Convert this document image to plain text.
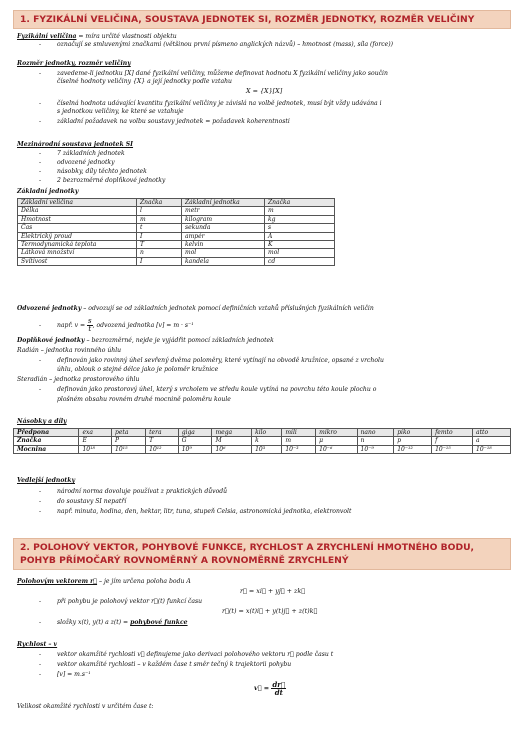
1. FYZIKÁLNÍ VELIČINA, SOUSTAVA JEDNOTEK SI, ROZMĚR JEDNOTKY, ROZMĚR VELIČINY
Fyzikální veličina = míra určité vlastnosti objektu
-	označují se smluvenými značkami (většinou první písmeno anglických názvů) – hmotnost (mass), síla (force))
Rozměr jednotky, rozměr veličiny
-	zavedeme-li jednotku [X] dané fyzikální veličiny, můžeme definovat hodnotu X fyzikální veličiny jako součin
číselné hodnoty veličiny {X} a její jednotky podle vztahu
X = {X}[X]
-	číselná hodnota udávající kvantitu fyzikální veličiny je závislá na volbě jednotek, musí být vždy udávána i
s jednotkou veličiny, ke které se vztahuje
-	základní požadavek na volbu soustavy jednotek = požadavek koherentnosti
Mezinárodní soustava jednotek SI
-	7 základních jednotek
-	odvozené jednotky
-	násobky, díly těchto jednotek
-	2 bezrozměrné doplňkové jednotky
Základní jednotky
Základní veličina	Značka	Základní jednotka	Značka
Délka	l	metr	m
Hmotnost	m	kilogram	kg
Čas	t	sekunda	s
Elektrický proud	I	ampér	A
Termodynamická teplota	T	kelvin	K
Látková množství	n	mol	mol
Svítivost	I	kandela	cd
Odvozené jednotky – odvozují se od základních jednotek pomocí definičních vztahů příslušných fyzikálních veličin
-	např. $v = \frac{s}{t}$ , odvozená jednotka [v] = m · s⁻¹
Doplňkové jednotky – bezrozměrné, nejde je vyjádřit pomocí základních jednotek
Radián – jednotka rovinného úhlu
-	definován jako rovinný úhel sevřený dvěma poloměry, které vytínají na obvodě kružnice, opsané z vrcholu
úhlu, oblouk o stejné délce jako je poloměr kružnice
Steradián – jednotka prostorového úhlu
-	definován jako prostorový úhel, který s vrcholem ve středu koule vytíná na povrchu této koule plochu o
plošném obsahu rovném druhé mocnině poloměru koule
Násobky a díly
Předpona	exa	peta	tera	giga	mega	kilo	mili	mikro	nano	piko	femto	atto
Značka	E	P	T	G	M	k	m	μ	n	p	f	a
Mocnina	10¹⁸	10¹⁵	10¹²	10⁹	10⁶	10³	10⁻³	10⁻⁶	10⁻⁹	10⁻¹²	10⁻¹⁵	10⁻¹⁸
Vedlejší jednotky
-	národní norma dovoluje používat z praktických důvodů
-	do soustavy SI nepatří
-	např. minuta, hodina, den, hektar, litr, tuna, stupeň Celsia, astronomická jednotka, elektronvolt
2. POLOHOVÝ VEKTOR, POHYBOVÉ FUNKCE, RYCHLOST A ZRYCHLENÍ HMOTNÉHO BODU,
POHYB PŘÍMOČARÝ ROVNOMĚRNÝ A ROVNOMĚRNĚ ZRYCHLENÝ
Polohovým vektorem r⃗ – je jím určena poloha bodu A
r⃗ = xi⃗ + yj⃗ + zk⃗
-	při pohybu je polohový vektor r⃗(t) funkcí času
r⃗(t) = x(t)i⃗ + y(t)j⃗ + z(t)k⃗
-	složky x(t), y(t) a z(t) = pohybové funkce
Rychlost – v
-	vektor okamžité rychlosti v⃗ definujeme jako derivaci polohového vektoru r⃗ podle času t
-	vektor okamžité rychlosti – v každém čase t směr tečný k trajektorii pohybu
-	[v] = m.s⁻¹
v⃗ = $\frac{dr⃗}{dt}$
Velikost okamžité rychlosti v určitém čase t:
